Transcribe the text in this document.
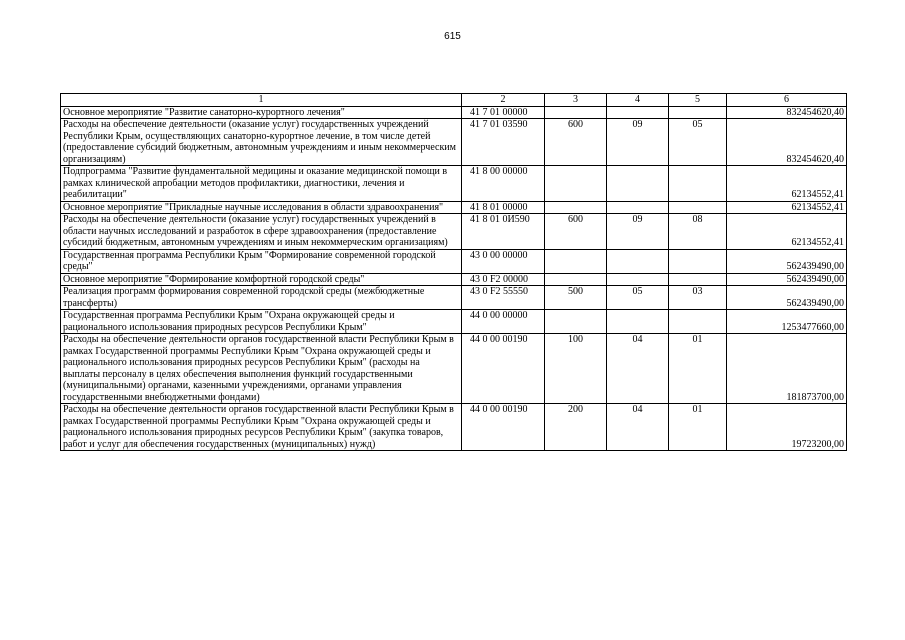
615
1	2	3	4	5	6
Основное мероприятие "Развитие санаторно-курортного лечения"	41 7 01 00000				832454620,40
Расходы на обеспечение деятельности (оказание услуг) государственных учреждений Республики Крым, осуществляющих санаторно-курортное лечение, в том числе детей (предоставление субсидий бюджетным, автономным учреждениям и иным некоммерческим организациям)	41 7 01 03590	600	09	05	832454620,40
Подпрограмма "Развитие фундаментальной медицины и оказание медицинской помощи в рамках клинической апробации методов профилактики, диагностики, лечения и реабилитации"	41 8 00 00000				62134552,41
Основное мероприятие "Прикладные научные исследования в области здравоохранения"	41 8 01 00000				62134552,41
Расходы на обеспечение деятельности (оказание услуг) государственных учреждений в области научных исследований и разработок в сфере здравоохранения (предоставление субсидий бюджетным, автономным учреждениям и иным некоммерческим организациям)	41 8 01 0И590	600	09	08	62134552,41
Государственная программа Республики Крым "Формирование современной городской среды"	43 0 00 00000				562439490,00
Основное мероприятие "Формирование комфортной городской среды"	43 0 F2 00000				562439490,00
Реализация программ формирования современной городской среды (межбюджетные трансферты)	43 0 F2 55550	500	05	03	562439490,00
Государственная программа Республики Крым "Охрана окружающей среды и рационального использования природных ресурсов Республики Крым"	44 0 00 00000				1253477660,00
Расходы на обеспечение деятельности органов государственной власти Республики Крым в рамках Государственной программы Республики Крым "Охрана окружающей среды и рационального использования природных ресурсов Республики Крым" (расходы на выплаты персоналу в целях обеспечения выполнения функций государственными (муниципальными) органами, казенными учреждениями, органами управления государственными внебюджетными фондами)	44 0 00 00190	100	04	01	181873700,00
Расходы на обеспечение деятельности органов государственной власти Республики Крым в рамках Государственной программы Республики Крым "Охрана окружающей среды и рационального использования природных ресурсов Республики Крым" (закупка товаров, работ и услуг для обеспечения государственных (муниципальных) нужд)	44 0 00 00190	200	04	01	19723200,00
